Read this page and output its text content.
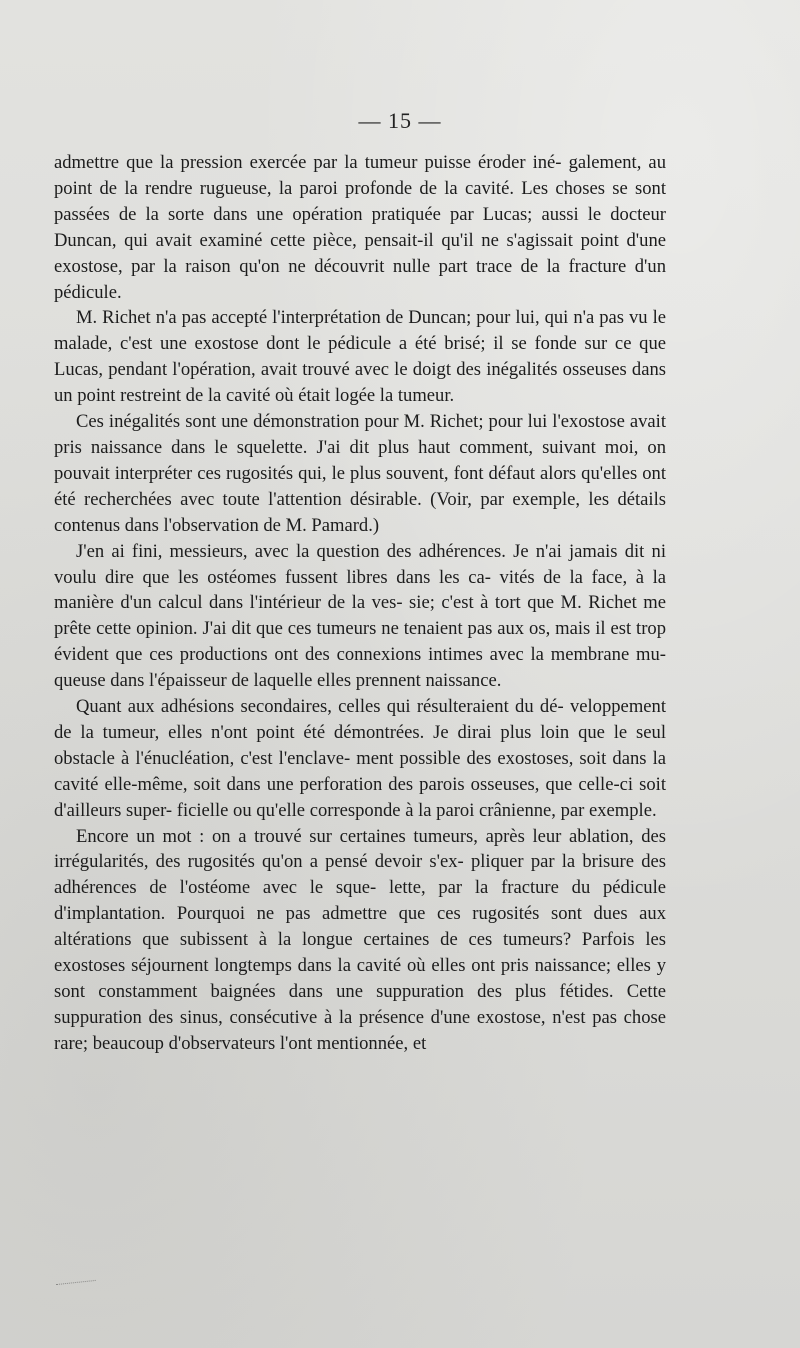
— 15 —

admettre que la pression exercée par la tumeur puisse éroder iné- galement, au point de la rendre rugueuse, la paroi profonde de la cavité. Les choses se sont passées de la sorte dans une opération pratiquée par Lucas; aussi le docteur Duncan, qui avait examiné cette pièce, pensait-il qu'il ne s'agissait point d'une exostose, par la raison qu'on ne découvrit nulle part trace de la fracture d'un pédicule.

M. Richet n'a pas accepté l'interprétation de Duncan; pour lui, qui n'a pas vu le malade, c'est une exostose dont le pédicule a été brisé; il se fonde sur ce que Lucas, pendant l'opération, avait trouvé avec le doigt des inégalités osseuses dans un point restreint de la cavité où était logée la tumeur.

Ces inégalités sont une démonstration pour M. Richet; pour lui l'exostose avait pris naissance dans le squelette. J'ai dit plus haut comment, suivant moi, on pouvait interpréter ces rugosités qui, le plus souvent, font défaut alors qu'elles ont été recherchées avec toute l'attention désirable. (Voir, par exemple, les détails contenus dans l'observation de M. Pamard.)

J'en ai fini, messieurs, avec la question des adhérences. Je n'ai jamais dit ni voulu dire que les ostéomes fussent libres dans les ca- vités de la face, à la manière d'un calcul dans l'intérieur de la ves- sie; c'est à tort que M. Richet me prête cette opinion. J'ai dit que ces tumeurs ne tenaient pas aux os, mais il est trop évident que ces productions ont des connexions intimes avec la membrane mu- queuse dans l'épaisseur de laquelle elles prennent naissance.

Quant aux adhésions secondaires, celles qui résulteraient du dé- veloppement de la tumeur, elles n'ont point été démontrées. Je dirai plus loin que le seul obstacle à l'énucléation, c'est l'enclave- ment possible des exostoses, soit dans la cavité elle-même, soit dans une perforation des parois osseuses, que celle-ci soit d'ailleurs super- ficielle ou qu'elle corresponde à la paroi crânienne, par exemple.

Encore un mot : on a trouvé sur certaines tumeurs, après leur ablation, des irrégularités, des rugosités qu'on a pensé devoir s'ex- pliquer par la brisure des adhérences de l'ostéome avec le sque- lette, par la fracture du pédicule d'implantation. Pourquoi ne pas admettre que ces rugosités sont dues aux altérations que subissent à la longue certaines de ces tumeurs? Parfois les exostoses séjournent longtemps dans la cavité où elles ont pris naissance; elles y sont constamment baignées dans une suppuration des plus fétides. Cette suppuration des sinus, consécutive à la présence d'une exostose, n'est pas chose rare; beaucoup d'observateurs l'ont mentionnée, et
